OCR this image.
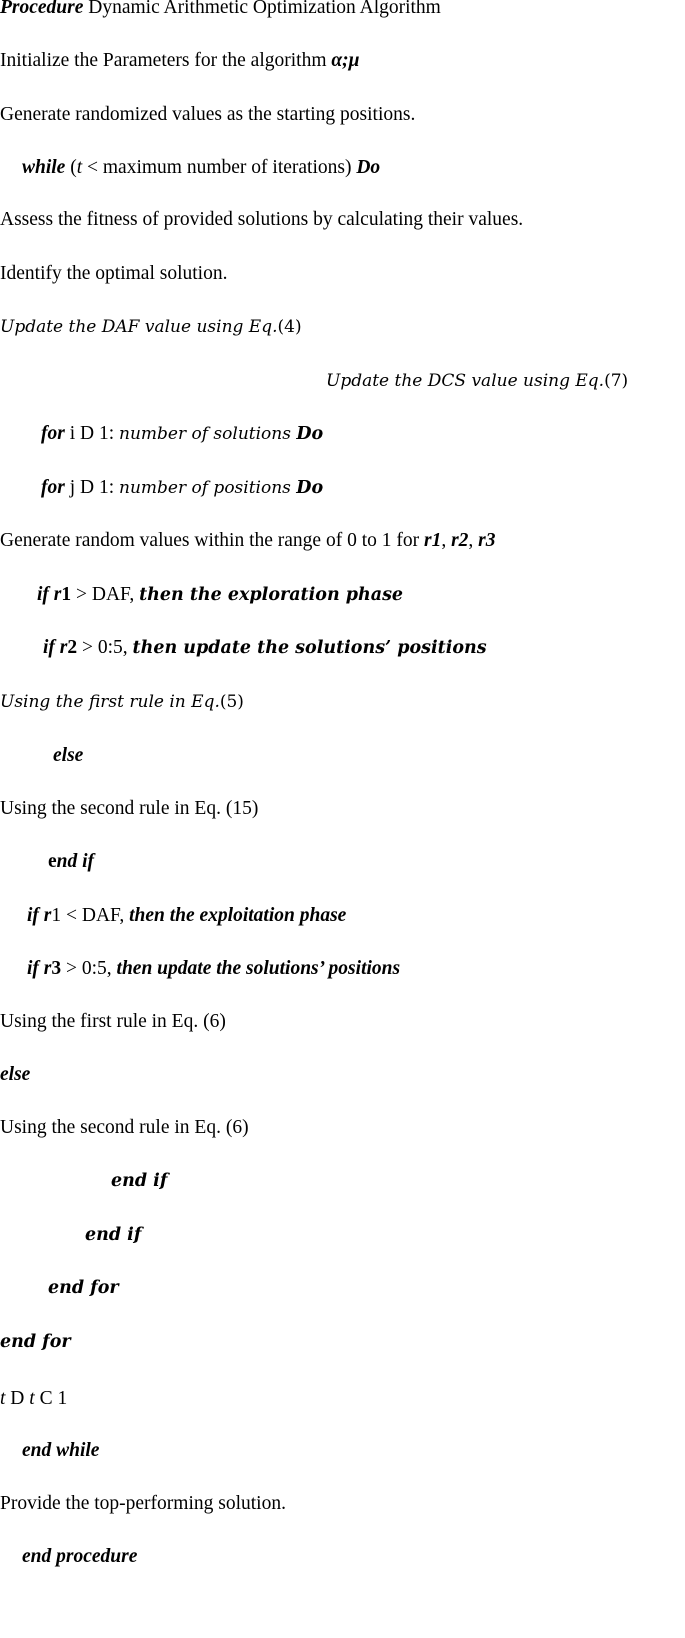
Procedure Dynamic Arithmetic Optimization Algorithm
Initialize the Parameters for the algorithm α;μ
Generate randomized values as the starting positions.
while (t < maximum number of iterations) Do
Assess the fitness of provided solutions by calculating their values.
Identify the optimal solution.
Update the DAF value using Eq.(4)
Update the DCS value using Eq.(7)
for i D 1: number of solutions Do
for j D 1: number of positions Do
Generate random values within the range of 0 to 1 for r1, r2, r3
if r1 > DAF, then the exploration phase
if r2 > 0:5, then update the solutions’ positions
Using the first rule in Eq.(5)
else
Using the second rule in Eq. (15)
end if
if r1 < DAF, then the exploitation phase
if r3 > 0:5, then update the solutions’ positions
Using the first rule in Eq. (6)
else
Using the second rule in Eq. (6)
end if
end if
end for
end for
t D t C 1
end while
Provide the top-performing solution.
end procedure
